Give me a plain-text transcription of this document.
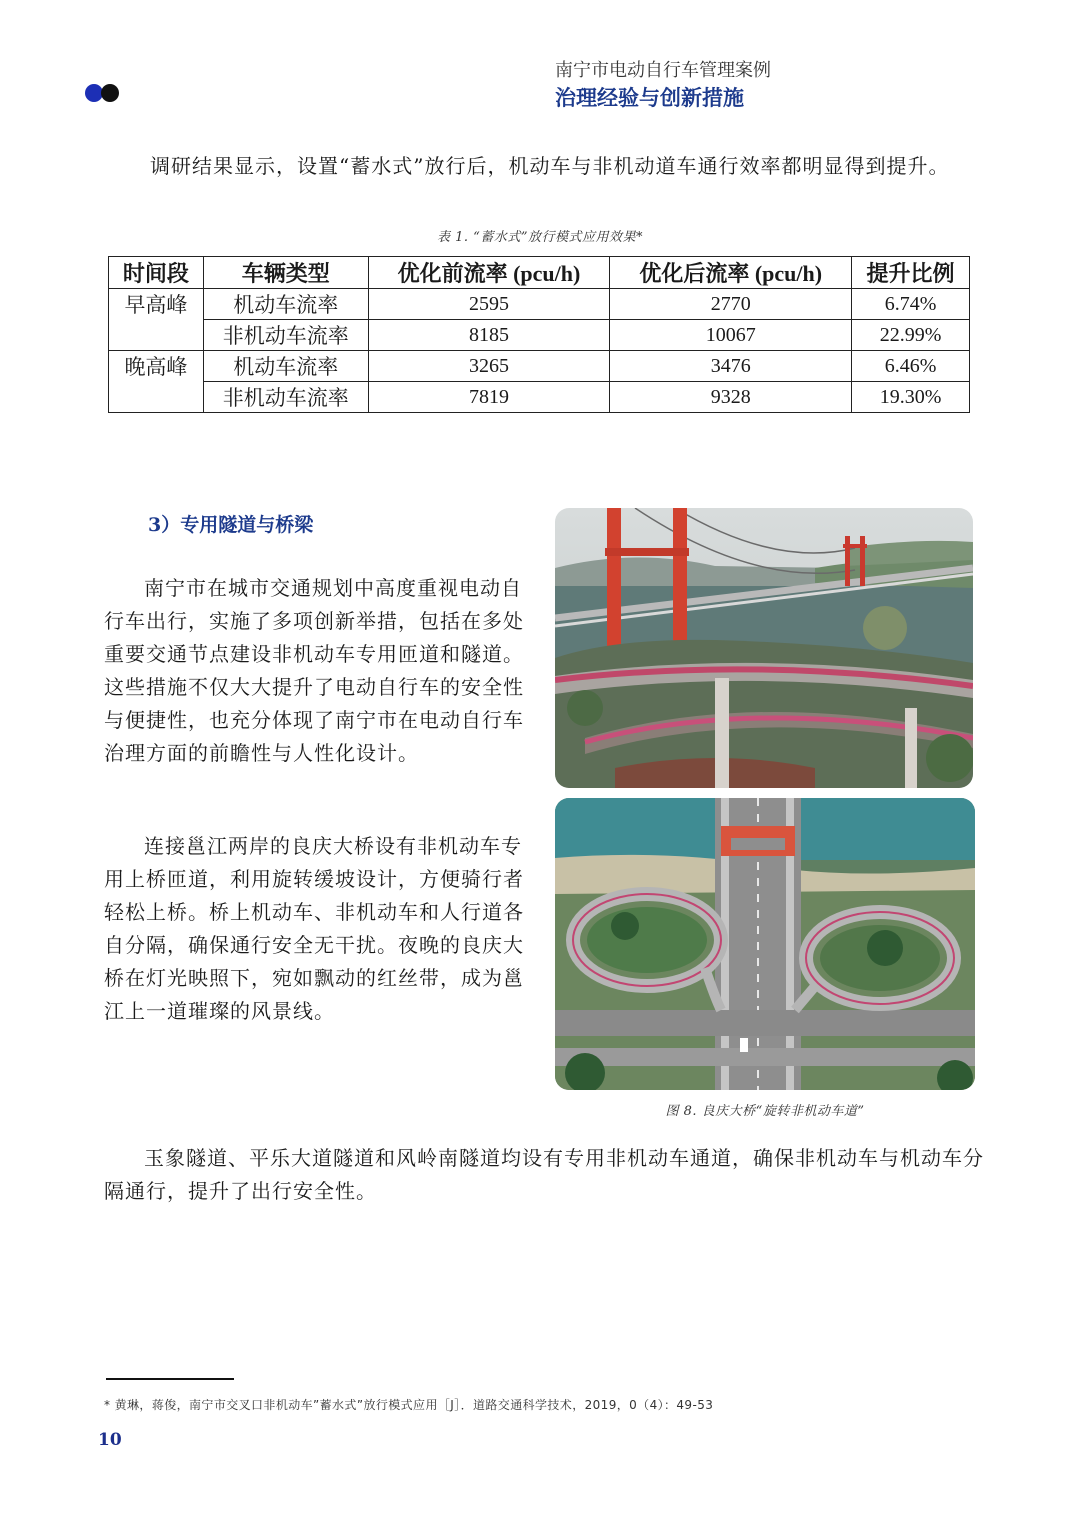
南宁市电动自行车管理案例
治理经验与创新措施
调研结果显示，设置“蓄水式”放行后，机动车与非机动道车通行效率都明显得到提升。
表 1. “蓄水式”放行模式应用效果*
时间段	车辆类型	优化前流率 (pcu/h)	优化后流率 (pcu/h)	提升比例
早高峰	机动车流率	2595	2770	6.74%
	非机动车流率	8185	10067	22.99%
晚高峰	机动车流率	3265	3476	6.46%
	非机动车流率	7819	9328	19.30%
3）专用隧道与桥梁
南宁市在城市交通规划中高度重视电动自行车出行，实施了多项创新举措，包括在多处重要交通节点建设非机动车专用匝道和隧道。这些措施不仅大大提升了电动自行车的安全性与便捷性，也充分体现了南宁市在电动自行车治理方面的前瞻性与人性化设计。
连接邕江两岸的良庆大桥设有非机动车专用上桥匝道，利用旋转缓坡设计，方便骑行者轻松上桥。桥上机动车、非机动车和人行道各自分隔，确保通行安全无干扰。夜晚的良庆大桥在灯光映照下，宛如飘动的红丝带，成为邕江上一道璀璨的风景线。
图 8. 良庆大桥“旋转非机动车道”
玉象隧道、平乐大道隧道和风岭南隧道均设有专用非机动车通道，确保非机动车与机动车分隔通行，提升了出行安全性。
* 黄琳，蒋俊，南宁市交叉口非机动车”蓄水式”放行模式应用［J］．道路交通科学技术，2019，0（4）：49-53
10
